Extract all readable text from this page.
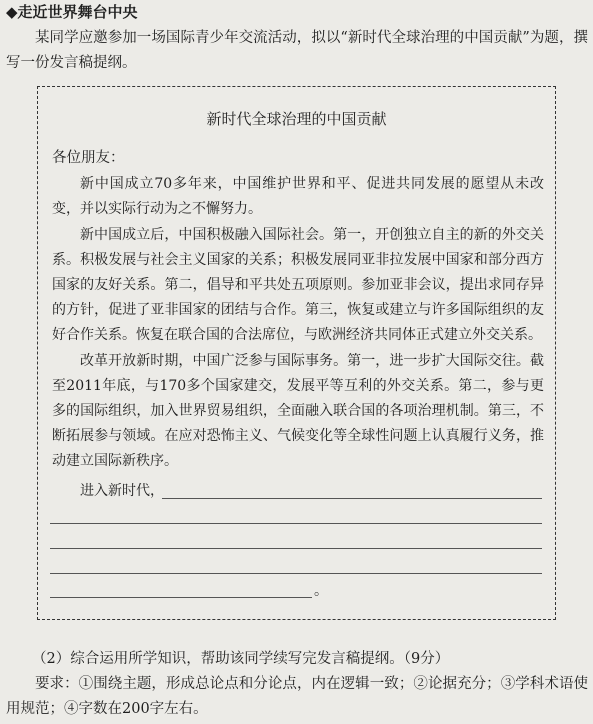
◆走近世界舞台中央
某同学应邀参加一场国际青少年交流活动，拟以“新时代全球治理的中国贡献”为题，撰写一份发言稿提纲。
新时代全球治理的中国贡献
各位朋友：
新中国成立70多年来，中国维护世界和平、促进共同发展的愿望从未改变，并以实际行动为之不懈努力。
新中国成立后，中国积极融入国际社会。第一，开创独立自主的新的外交关系。积极发展与社会主义国家的关系；积极发展同亚非拉发展中国家和部分西方国家的友好关系。第二，倡导和平共处五项原则。参加亚非会议，提出求同存异的方针，促进了亚非国家的团结与合作。第三，恢复或建立与许多国际组织的友好合作关系。恢复在联合国的合法席位，与欧洲经济共同体正式建立外交关系。
改革开放新时期，中国广泛参与国际事务。第一，进一步扩大国际交往。截至2011年底，与170多个国家建交，发展平等互利的外交关系。第二，参与更多的国际组织，加入世界贸易组织，全面融入联合国的各项治理机制。第三，不断拓展参与领域。在应对恐怖主义、气候变化等全球性问题上认真履行义务，推动建立国际新秩序。
进入新时代，
。
（2）综合运用所学知识，帮助该同学续写完发言稿提纲。（9分）
要求：①围绕主题，形成总论点和分论点，内在逻辑一致；②论据充分；③学科术语使用规范；④字数在200字左右。
